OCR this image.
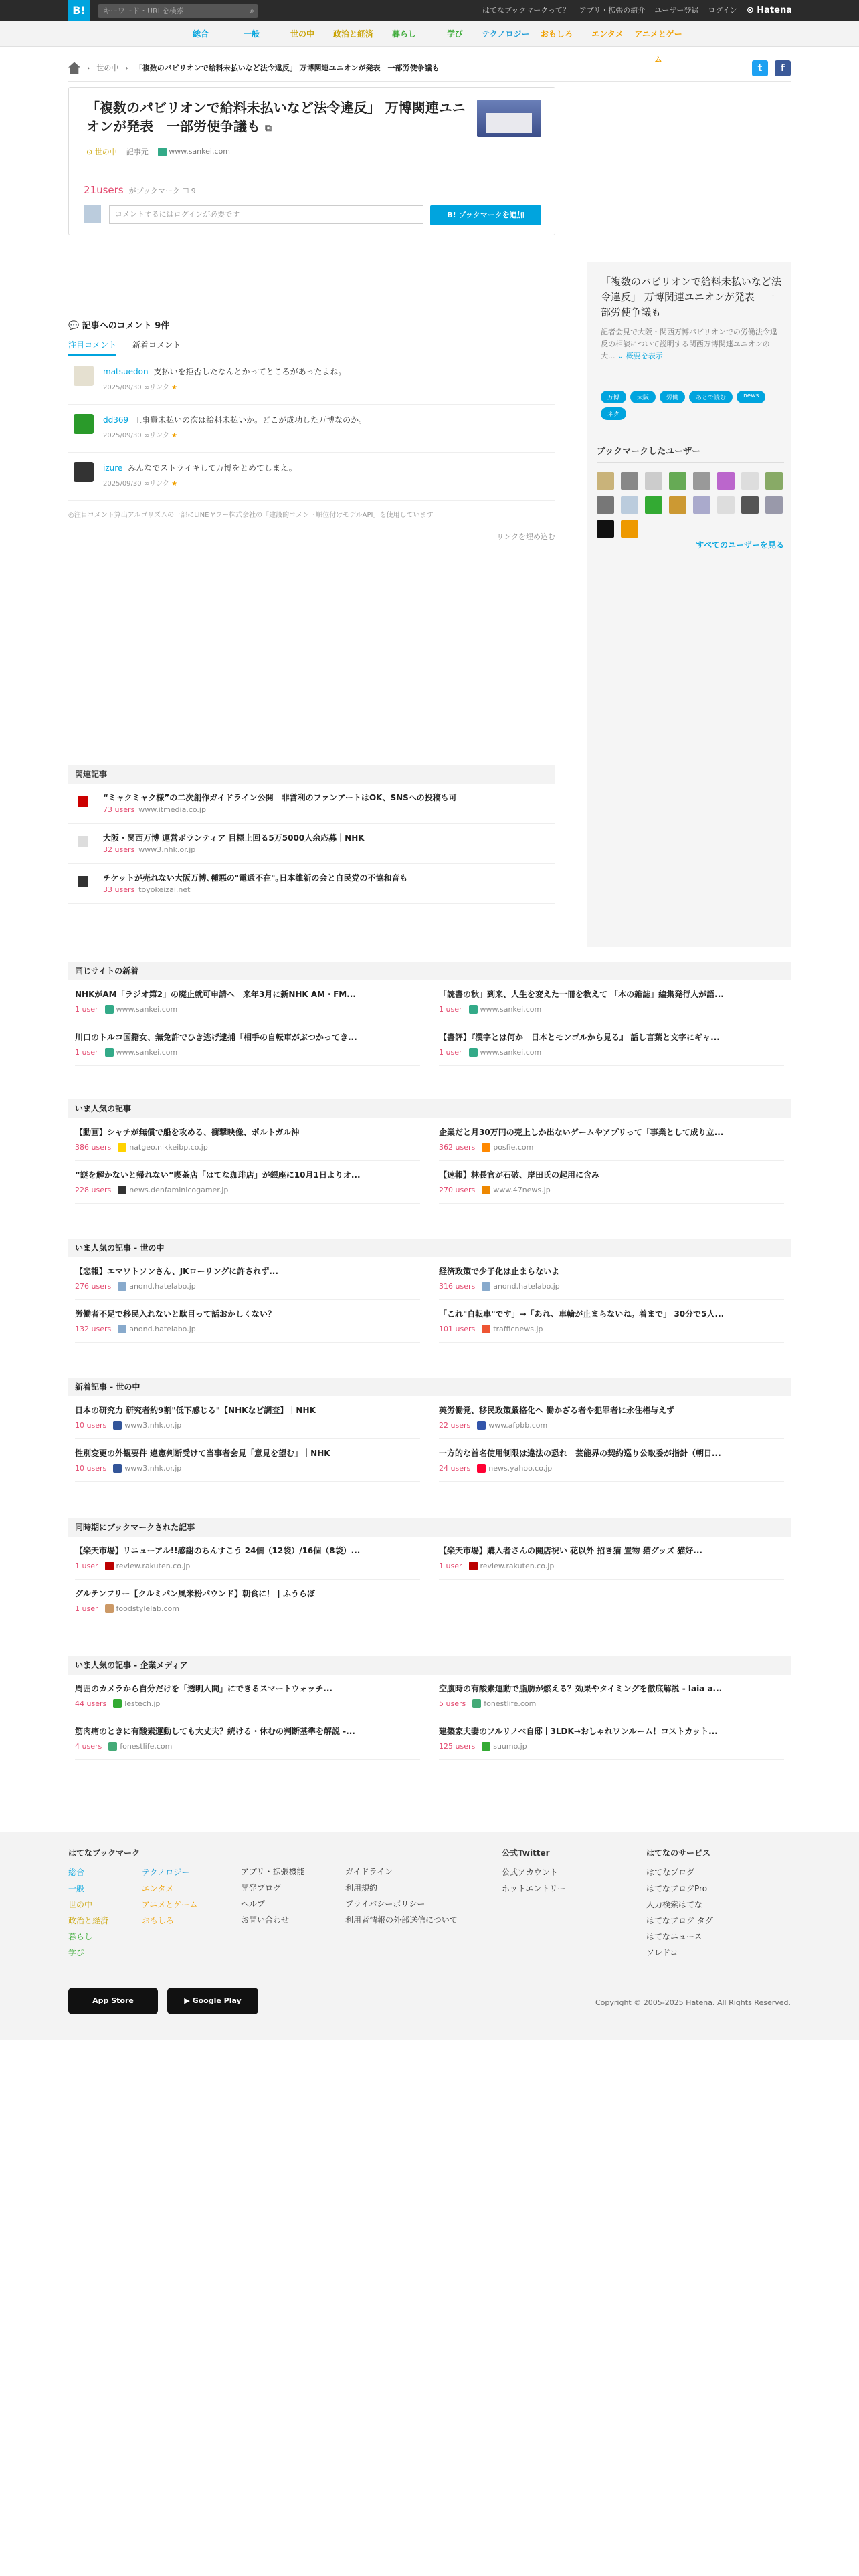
B!	キーワード・URLを検索	⌕	はてなブックマークって？ アプリ・拡張の紹介 ユーザー登録 ログイン ⊙ Hatena
総合	一般	世の中	政治と経済	暮らし	学び	テクノロジー	おもしろ	エンタメ	アニメとゲーム
› 世の中 › 「複数のパビリオンで給料未払いなど法令違反」 万博関連ユニオンが発表　一部労使争議も	t	f
「複数のパビリオンで給料未払いなど法令違反」 万博関連ユニオンが発表　一部労使争議も ⧉
⊙ 世の中 記事元	www.sankei.com
21users がブックマーク ☐ 9
コメントするにはログインが必要です	B! ブックマークを追加
「複数のパビリオンで給料未払いなど法令違反」 万博関連ユニオンが発表　一部労使争議も
記者会見で大阪・関西万博パビリオンでの労働法令違反の相談について説明する関西万博関連ユニオンの大... ⌄ 概要を表示
万博	大阪	労働	あとで読む	news
ネタ
ブックマークしたユーザー
すべてのユーザーを見る
💬 記事へのコメント 9件
注目コメント 新着コメント
matsuedon 支払いを拒否したなんとかってところがあったよね。
2025/09/30 ∞リンク ★
dd369 工事費未払いの次は給料未払いか。どこが成功した万博なのか。
2025/09/30 ∞リンク ★
izure みんなでストライキして万博をとめてしまえ。
2025/09/30 ∞リンク ★
◎注目コメント算出アルゴリズムの一部にLINEヤフー株式会社の「建設的コメント順位付けモデルAPI」を使用しています
リンクを埋め込む
関連記事
“ミャクミャク様”の二次創作ガイドライン公開　非営利のファンアートはOK、SNSへの投稿も可
73 users www.itmedia.co.jp
大阪・関西万博 運営ボランティア 目標上回る5万5000人余応募｜NHK
32 users www3.nhk.or.jp
チケットが売れない大阪万博､種悪の"電通不在"｡日本維新の会と自民党の不協和音も
33 users toyokeizai.net
同じサイトの新着
NHKがAM「ラジオ第2」の廃止就可申請へ　来年3月に新NHK AM・FM...
1 user www.sankei.com
「読書の秋」到来、人生を変えた一冊を教えて 「本の雑誌」編集発行人が語...
1 user www.sankei.com
川口のトルコ国籍女、無免許でひき逃げ逮捕「相手の自転車がぶつかってき...
1 user www.sankei.com
【書評】『漢字とは何か　日本とモンゴルから見る』 話し言葉と文字にギャ...
1 user www.sankei.com
いま人気の記事
【動画】シャチが無償で船を攻める、衝撃映像、ポルトガル沖
386 users natgeo.nikkeibp.co.jp
企業だと月30万円の売上しか出ないゲームやアプリって「事業として成り立...
362 users posfie.com
“謎を解かないと帰れない”喫茶店「はてな珈琲店」が銀座に10月1日よりオ...
228 users news.denfaminicogamer.jp
【速報】林長官が石破、岸田氏の起用に含み
270 users www.47news.jp
いま人気の記事 - 世の中
【悲報】エマワトソンさん、JKローリングに許されず...
276 users anond.hatelabo.jp
経済政策で少子化は止まらないよ
316 users anond.hatelabo.jp
労働者不足で移民入れないと駄目って話おかしくない？
132 users anond.hatelabo.jp
「これ"自転車"です」→「あれ、車輪が止まらないね。着まで」 30分で5人...
101 users trafficnews.jp
新着記事 - 世の中
日本の研究力 研究者約9割"低下感じる"【NHKなど調査】｜NHK
10 users www3.nhk.or.jp
英労働党、移民政策厳格化へ 働かざる者や犯罪者に永住権与えず
22 users www.afpbb.com
性別変更の外観要件 違憲判断受けて当事者会見「意見を望む」｜NHK
10 users www3.nhk.or.jp
一方的な首名使用制限は違法の恐れ　芸能界の契約巡り公取委が指針（朝日...
24 users news.yahoo.co.jp
同時期にブックマークされた記事
【楽天市場】リニューアル!!感謝のちんすこう 24個（12袋）/16個（8袋）...
1 user review.rakuten.co.jp
【楽天市場】購入者さんの開店祝い 花以外 招き猫 置物 猫グッズ 猫好...
1 user review.rakuten.co.jp
グルテンフリー【クルミパン風米粉パウンド】朝食に！ | ふうらぼ
1 user foodstylelab.com
いま人気の記事 - 企業メディア
周囲のカメラから自分だけを「透明人間」にできるスマートウォッチ...
44 users lestech.jp
空腹時の有酸素運動で脂肪が燃える？効果やタイミングを徹底解説 - laia a...
5 users fonestlife.com
筋肉痛のときに有酸素運動しても大丈夫？続ける・休むの判断基準を解説 -...
4 users fonestlife.com
建築家夫妻のフルリノベ自邸｜3LDK→おしゃれワンルーム！コストカット...
125 users suumo.jp
はてなブックマーク
総合
一般
世の中
政治と経済
暮らし
学び
テクノロジー
エンタメ
アニメとゲーム
おもしろ
アプリ・拡張機能
開発ブログ
ヘルプ
お問い合わせ
ガイドライン
利用規約
プライバシーポリシー
利用者情報の外部送信について
公式Twitter
公式アカウント
ホットエントリー
はてなのサービス
はてなブログ
はてなブログPro
人力検索はてな
はてなブログ タグ
はてなニュース
ソレドコ
App Store	▶ Google Play	Copyright © 2005-2025 Hatena. All Rights Reserved.
